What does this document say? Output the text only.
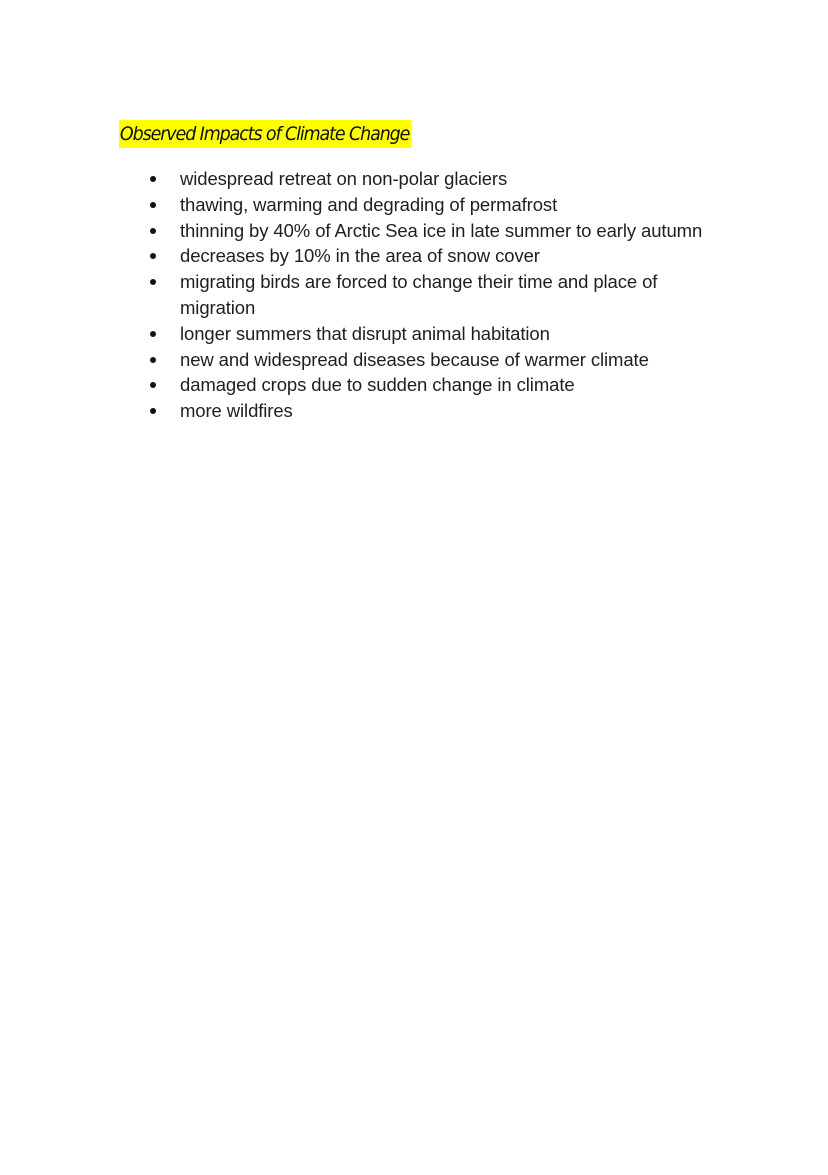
Observed Impacts of Climate Change
widespread retreat on non-polar glaciers
thawing, warming and degrading of permafrost
thinning by 40% of Arctic Sea ice in late summer to early autumn
decreases by 10% in the area of snow cover
migrating birds are forced to change their time and place of migration
longer summers that disrupt animal habitation
new and widespread diseases because of warmer climate
damaged crops due to sudden change in climate
more wildfires
